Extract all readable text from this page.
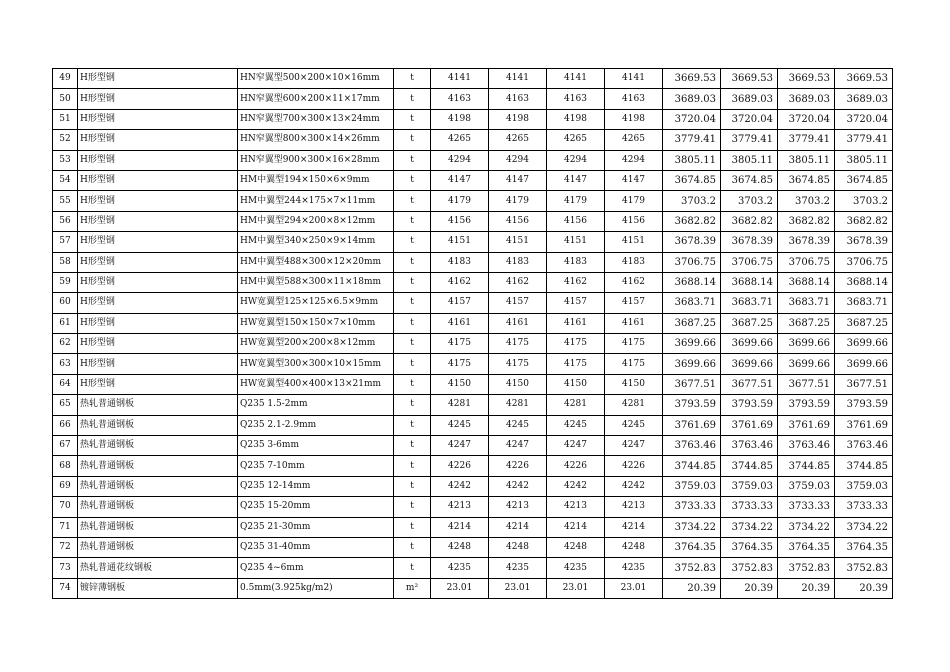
49	H形型钢	HN窄翼型500×200×10×16mm	t	4141	4141	4141	4141	3669.53	3669.53	3669.53	3669.53
50	H形型钢	HN窄翼型600×200×11×17mm	t	4163	4163	4163	4163	3689.03	3689.03	3689.03	3689.03
51	H形型钢	HN窄翼型700×300×13×24mm	t	4198	4198	4198	4198	3720.04	3720.04	3720.04	3720.04
52	H形型钢	HN窄翼型800×300×14×26mm	t	4265	4265	4265	4265	3779.41	3779.41	3779.41	3779.41
53	H形型钢	HN窄翼型900×300×16×28mm	t	4294	4294	4294	4294	3805.11	3805.11	3805.11	3805.11
54	H形型钢	HM中翼型194×150×6×9mm	t	4147	4147	4147	4147	3674.85	3674.85	3674.85	3674.85
55	H形型钢	HM中翼型244×175×7×11mm	t	4179	4179	4179	4179	3703.2	3703.2	3703.2	3703.2
56	H形型钢	HM中翼型294×200×8×12mm	t	4156	4156	4156	4156	3682.82	3682.82	3682.82	3682.82
57	H形型钢	HM中翼型340×250×9×14mm	t	4151	4151	4151	4151	3678.39	3678.39	3678.39	3678.39
58	H形型钢	HM中翼型488×300×12×20mm	t	4183	4183	4183	4183	3706.75	3706.75	3706.75	3706.75
59	H形型钢	HM中翼型588×300×11×18mm	t	4162	4162	4162	4162	3688.14	3688.14	3688.14	3688.14
60	H形型钢	HW宽翼型125×125×6.5×9mm	t	4157	4157	4157	4157	3683.71	3683.71	3683.71	3683.71
61	H形型钢	HW宽翼型150×150×7×10mm	t	4161	4161	4161	4161	3687.25	3687.25	3687.25	3687.25
62	H形型钢	HW宽翼型200×200×8×12mm	t	4175	4175	4175	4175	3699.66	3699.66	3699.66	3699.66
63	H形型钢	HW宽翼型300×300×10×15mm	t	4175	4175	4175	4175	3699.66	3699.66	3699.66	3699.66
64	H形型钢	HW宽翼型400×400×13×21mm	t	4150	4150	4150	4150	3677.51	3677.51	3677.51	3677.51
65	热轧普通钢板	Q235 1.5-2mm	t	4281	4281	4281	4281	3793.59	3793.59	3793.59	3793.59
66	热轧普通钢板	Q235 2.1-2.9mm	t	4245	4245	4245	4245	3761.69	3761.69	3761.69	3761.69
67	热轧普通钢板	Q235 3-6mm	t	4247	4247	4247	4247	3763.46	3763.46	3763.46	3763.46
68	热轧普通钢板	Q235 7-10mm	t	4226	4226	4226	4226	3744.85	3744.85	3744.85	3744.85
69	热轧普通钢板	Q235 12-14mm	t	4242	4242	4242	4242	3759.03	3759.03	3759.03	3759.03
70	热轧普通钢板	Q235 15-20mm	t	4213	4213	4213	4213	3733.33	3733.33	3733.33	3733.33
71	热轧普通钢板	Q235 21-30mm	t	4214	4214	4214	4214	3734.22	3734.22	3734.22	3734.22
72	热轧普通钢板	Q235 31-40mm	t	4248	4248	4248	4248	3764.35	3764.35	3764.35	3764.35
73	热轧普通花纹钢板	Q235 4~6mm	t	4235	4235	4235	4235	3752.83	3752.83	3752.83	3752.83
74	镀锌薄钢板	0.5mm(3.925kg/m2)	m²	23.01	23.01	23.01	23.01	20.39	20.39	20.39	20.39
